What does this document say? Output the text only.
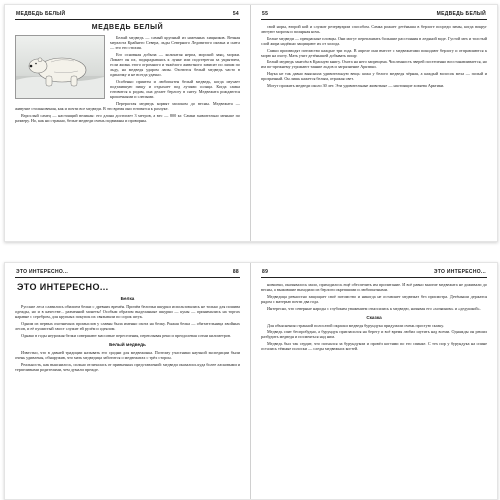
МЕДВЕДЬ БЕЛЫЙ	54
МЕДВЕДЬ БЕЛЫЙ

Белый медведь — самый крупный из наземных хищников. Вечная мерзлота Крайнего Севера, льды Северного Ледовитого океана и снега — это его стихия.

Его основная добыча — кольчатая нерпа, морской заяц, моржи. Ломает он их, подкрадываясь к лунке или подстерегая за укрытием, если жизнь этого огромного и тяжёлого животного зависит по лапам по льду, на медведя ударом лапы. Охотится белый медведь часто в одиночку и не всегда удачно.

Особенно приятен и любопытен белый медведь, когда изучает подтаявшую пищу и отдыхает под лучами солнца. Когда самка готовится к родам, она делает берлогу в снегу. Медвежата рождаются крошечными и слепыми.

Перерастая медведь кормят молоком до весны. Медвежата — живучие столкновения, как и почти все медведи. В это время они готовятся к разлуке.

Взрослый самец — настоящий великан: его длина достигает 3 метров, а вес — 800 кг. Самки значительно меньше по размеру. Но, как ни странно, белые медведи очень подвижны и проворны.

55	МЕДВЕДЬ БЕЛЫЙ

свой норы, второй кой и служит резервуаром способом. Самка рожает детёныша в берлоге посреди зимы, когда вокруг лютуют морозы и полярная ночь.

Белые медведи — прекрасные пловцы. Они могут переплывать большие расстояния в ледяной воде. Густой мех и толстый слой жира надёжно защищают их от холода.

Самки производят потомство каждые три года. В апреле они вместе с медвежатами покидают берлогу и отправляются к морю на охоту. Мать учит детёнышей добывать пищу.

Белый медведь занесён в Красную книгу. Охота на него запрещена. Численность зверей постепенно восстанавливается, но им по-прежнему угрожают таяние льдов и загрязнение Арктики.

Наука не так давно выяснила удивительную вещь: кожа у белого медведя чёрная, а каждый волосок меха — полый и прозрачный. Он лишь кажется белым, отражая свет.

Могут прожить медведи около 30 лет. Эти удивительные животные — настоящие хозяева Арктики.

ЭТО ИНТЕРЕСНО...	88
ЭТО ИНТЕРЕСНО...
Белка

Русские леса славились обилием белки с древних времён. Причём беличьи шкурки использовались не только для пошива одежды, но и в качестве... разменной монеты! Особым образом выделанные шкурки — куны — принимались на торгах наравне с серебром, для крупных покупок их связывали по сорок штук.

Одним из первых охотничьих промыслов у славян была именно охота на белку. Рыжая белка — обитательница хвойных лесов, и её пушистый хвост служит ей рулём и одеялом.

Однако в годы неурожая белки совершают массовые переселения, переплывая реки и преодолевая сотни километров.

Белый медведь

Известно, что в давней традиции называть его сродни для медвежонка. Поэтому участники научной экспедиции были очень удивлены, обнаружив, что мать медведица заботится о медвежатах с трёх сторон.

Реальность, как выяснилось, сильно отличалась от привычных представлений: медведи оказались куда более ласковыми и терпеливыми родителями, чем думали прежде.

89	ЭТО ИНТЕРЕСНО...

новшеки, оказывалось мало, приходилось ещё обеспечить им пропитание. И всё равно многие медвежата не доживали до весны, а выжившие выходили из берлоги окрепшими и любопытными.

Медведица ревностно защищает своё потомство и никогда не оставляет медвежат без присмотра. Детёныши держатся рядом с матерью почти два года.

Интересно, что северные народы с глубоким уважением относились к медведю, называя его «хозяином» и «дедушкой».

Сказка

Для объяснения странной полосатой окраски медведя бурундука придумали очень простую сказку.

Медведь спит беспробудно, а бурундук пригласился на берегу и всё время любил шутить над всеми. Однажды он решил разбудить медведя и посмеяться над ним.

Медведь был так сердит, что погнался за бурундуком и провёл когтями по его спинке. С тех пор у бурундука на спине остались тёмные полоски — следы медвежьих когтей.
